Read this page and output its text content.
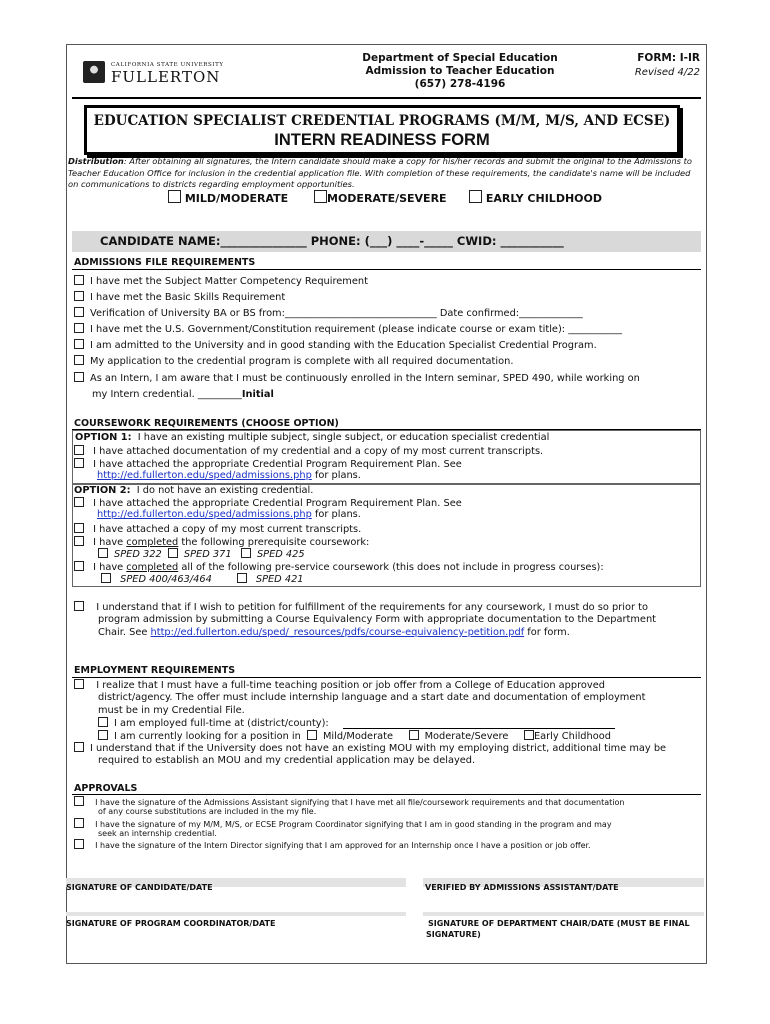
CALIFORNIA STATE UNIVERSITY
FULLERTON
Department of Special Education
Admission to Teacher Education
(657) 278-4196
FORM: I-IR
Revised 4/22
EDUCATION SPECIALIST CREDENTIAL PROGRAMS (M/M, M/S, AND ECSE)
INTERN READINESS FORM
Distribution: After obtaining all signatures, the Intern candidate should make a copy for his/her records and submit the original to the Admissions to Teacher Education Office for inclusion in the credential application file. With completion of these requirements, the candidate's name will be included on communications to districts regarding employment opportunities.
MILD/MODERATE	MODERATE/SEVERE	EARLY CHILDHOOD
CANDIDATE NAME:_______________ PHONE: (___) ____-_____ CWID: ___________
ADMISSIONS FILE REQUIREMENTS
I have met the Subject Matter Competency Requirement
I have met the Basic Skills Requirement
Verification of University BA or BS from:_______________________________ Date confirmed:_____________
I have met the U.S. Government/Constitution requirement (please indicate course or exam title): ___________
I am admitted to the University and in good standing with the Education Specialist Credential Program.
My application to the credential program is complete with all required documentation.
As an Intern, I am aware that I must be continuously enrolled in the Intern seminar, SPED 490, while working on
my Intern credential. _________Initial
COURSEWORK REQUIREMENTS (CHOOSE OPTION)
OPTION 1: I have an existing multiple subject, single subject, or education specialist credential
I have attached documentation of my credential and a copy of my most current transcripts.
I have attached the appropriate Credential Program Requirement Plan. See
http://ed.fullerton.edu/sped/admissions.php for plans.
OPTION 2: I do not have an existing credential.
I have attached the appropriate Credential Program Requirement Plan. See
http://ed.fullerton.edu/sped/admissions.php for plans.
I have attached a copy of my most current transcripts.
I have completed the following prerequisite coursework:
SPED 322 SPED 371	SPED 425
I have completed all of the following pre-service coursework (this does not include in progress courses):
SPED 400/463/464	SPED 421
I understand that if I wish to petition for fulfillment of the requirements for any coursework, I must do so prior to
program admission by submitting a Course Equivalency Form with appropriate documentation to the Department
Chair. See http://ed.fullerton.edu/sped/_resources/pdfs/course-equivalency-petition.pdf for form.
EMPLOYMENT REQUIREMENTS
I realize that I must have a full-time teaching position or job offer from a College of Education approved
district/agency. The offer must include internship language and a start date and documentation of employment
must be in my Credential File.
I am employed full-time at (district/county):
I am currently looking for a position in Mild/Moderate	Moderate/Severe	Early Childhood
I understand that if the University does not have an existing MOU with my employing district, additional time may be
required to establish an MOU and my credential application may be delayed.
APPROVALS
I have the signature of the Admissions Assistant signifying that I have met all file/coursework requirements and that documentation
of any course substitutions are included in the my file.
I have the signature of my M/M, M/S, or ECSE Program Coordinator signifying that I am in good standing in the program and may
seek an internship credential.
I have the signature of the Intern Director signifying that I am approved for an Internship once I have a position or job offer.
SIGNATURE OF CANDIDATE/DATE	VERIFIED BY ADMISSIONS ASSISTANT/DATE
SIGNATURE OF PROGRAM COORDINATOR/DATE	SIGNATURE OF DEPARTMENT CHAIR/DATE (MUST BE FINAL
SIGNATURE)
